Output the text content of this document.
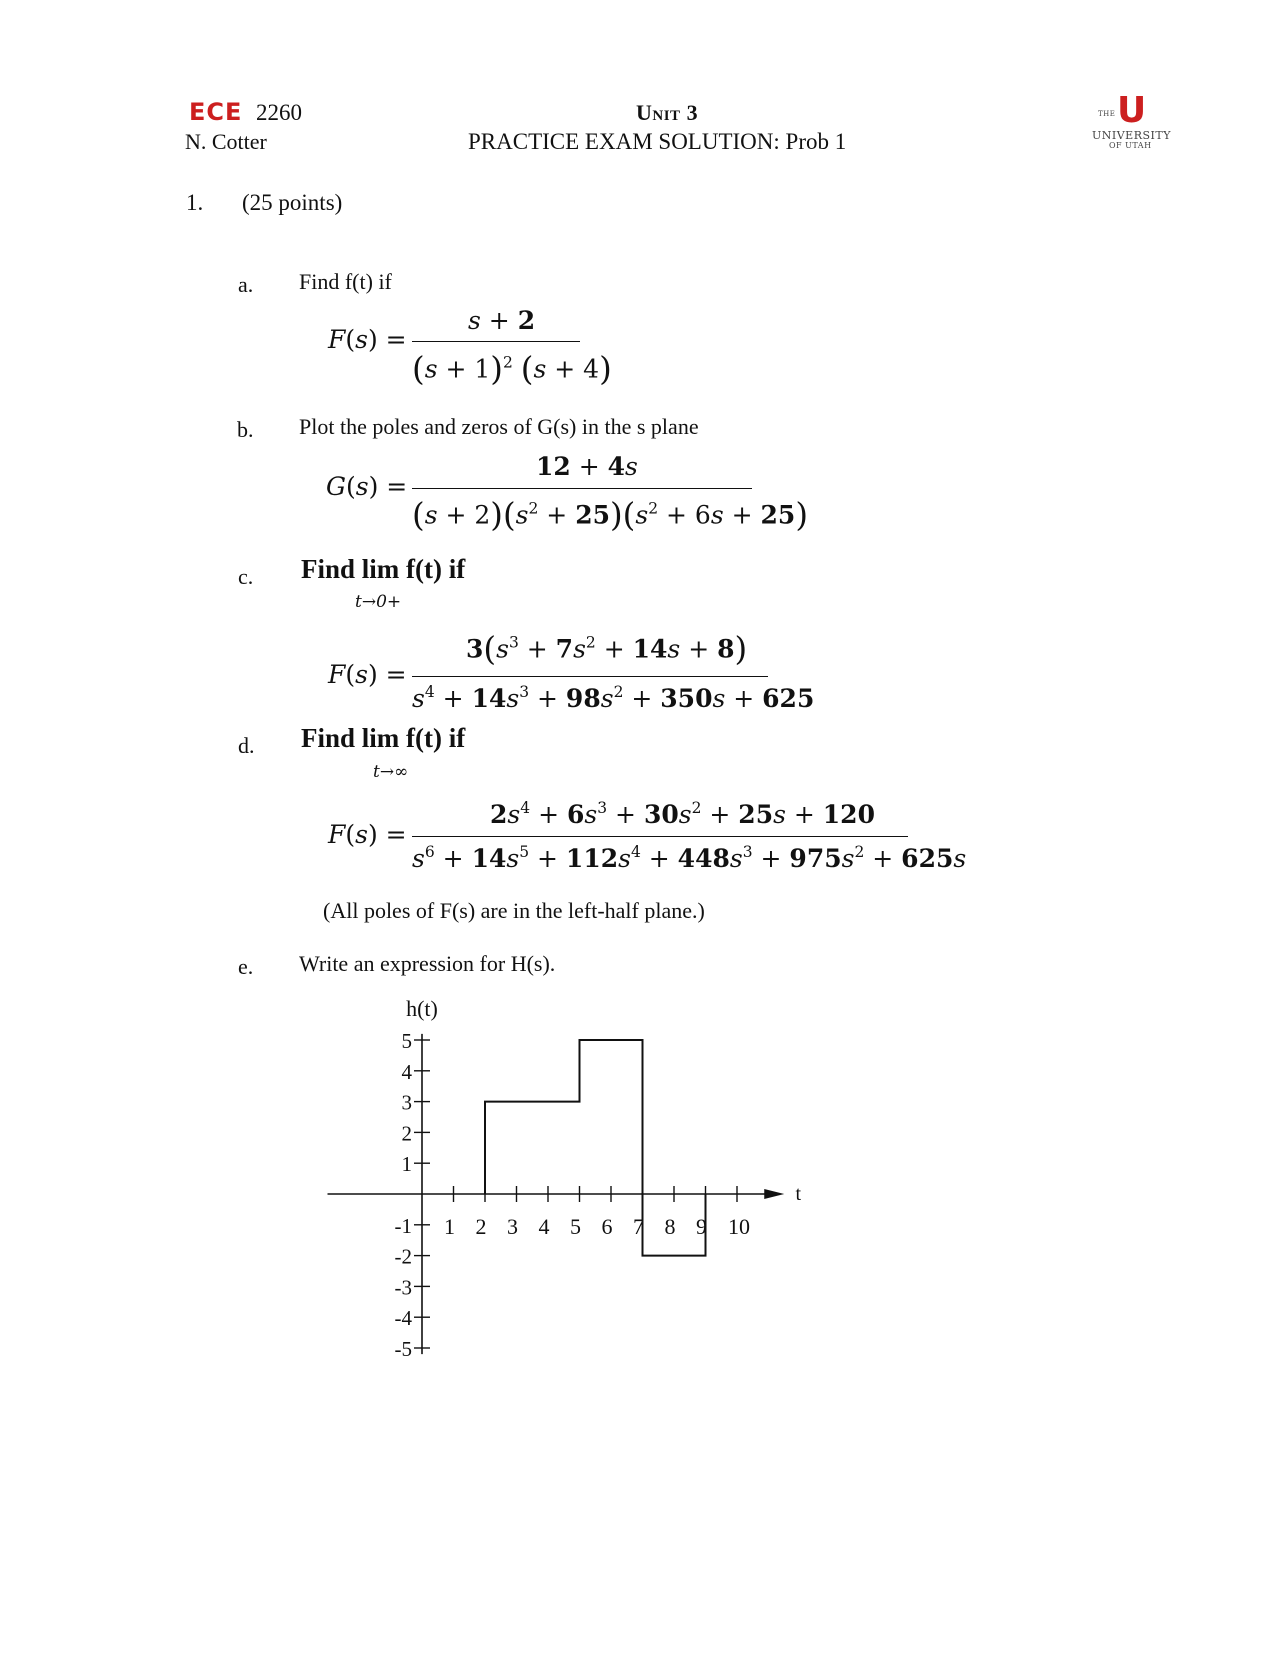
ECE 2260
N. Cotter
Unit 3
PRACTICE EXAM SOLUTION: Prob 1
THE U
UNIVERSITY
OF UTAH
1. (25 points)
a. Find f(t) if
F(s) =
s + 2
$(s + 1)^2$ (s + 4)
b. Plot the poles and zeros of G(s) in the s plane
G(s) =
12 + 4s
$(s + 2)(s^2 + 25)(s^2 + 6s + 25)$
c. Find lim f(t) if
t→0+
F(s) =
$3(s^3 + 7s^2 + 14s + 8)$
$s^4 + 14s^3 + 98s^2 + 350s + 625$
d. Find lim f(t) if
t→∞
F(s) =
$2s^4 + 6s^3 + 30s^2 + 25s + 120$
$s^6 + 14s^5 + 112s^4 + 448s^3 + 975s^2 + 625s$
(All poles of F(s) are in the left-half plane.)
e. Write an expression for H(s).
t
h(t)
5
4
3
2
1
-1
-2
-3
-4
-5
1 2 3 4 5 6 7 8 9 10
